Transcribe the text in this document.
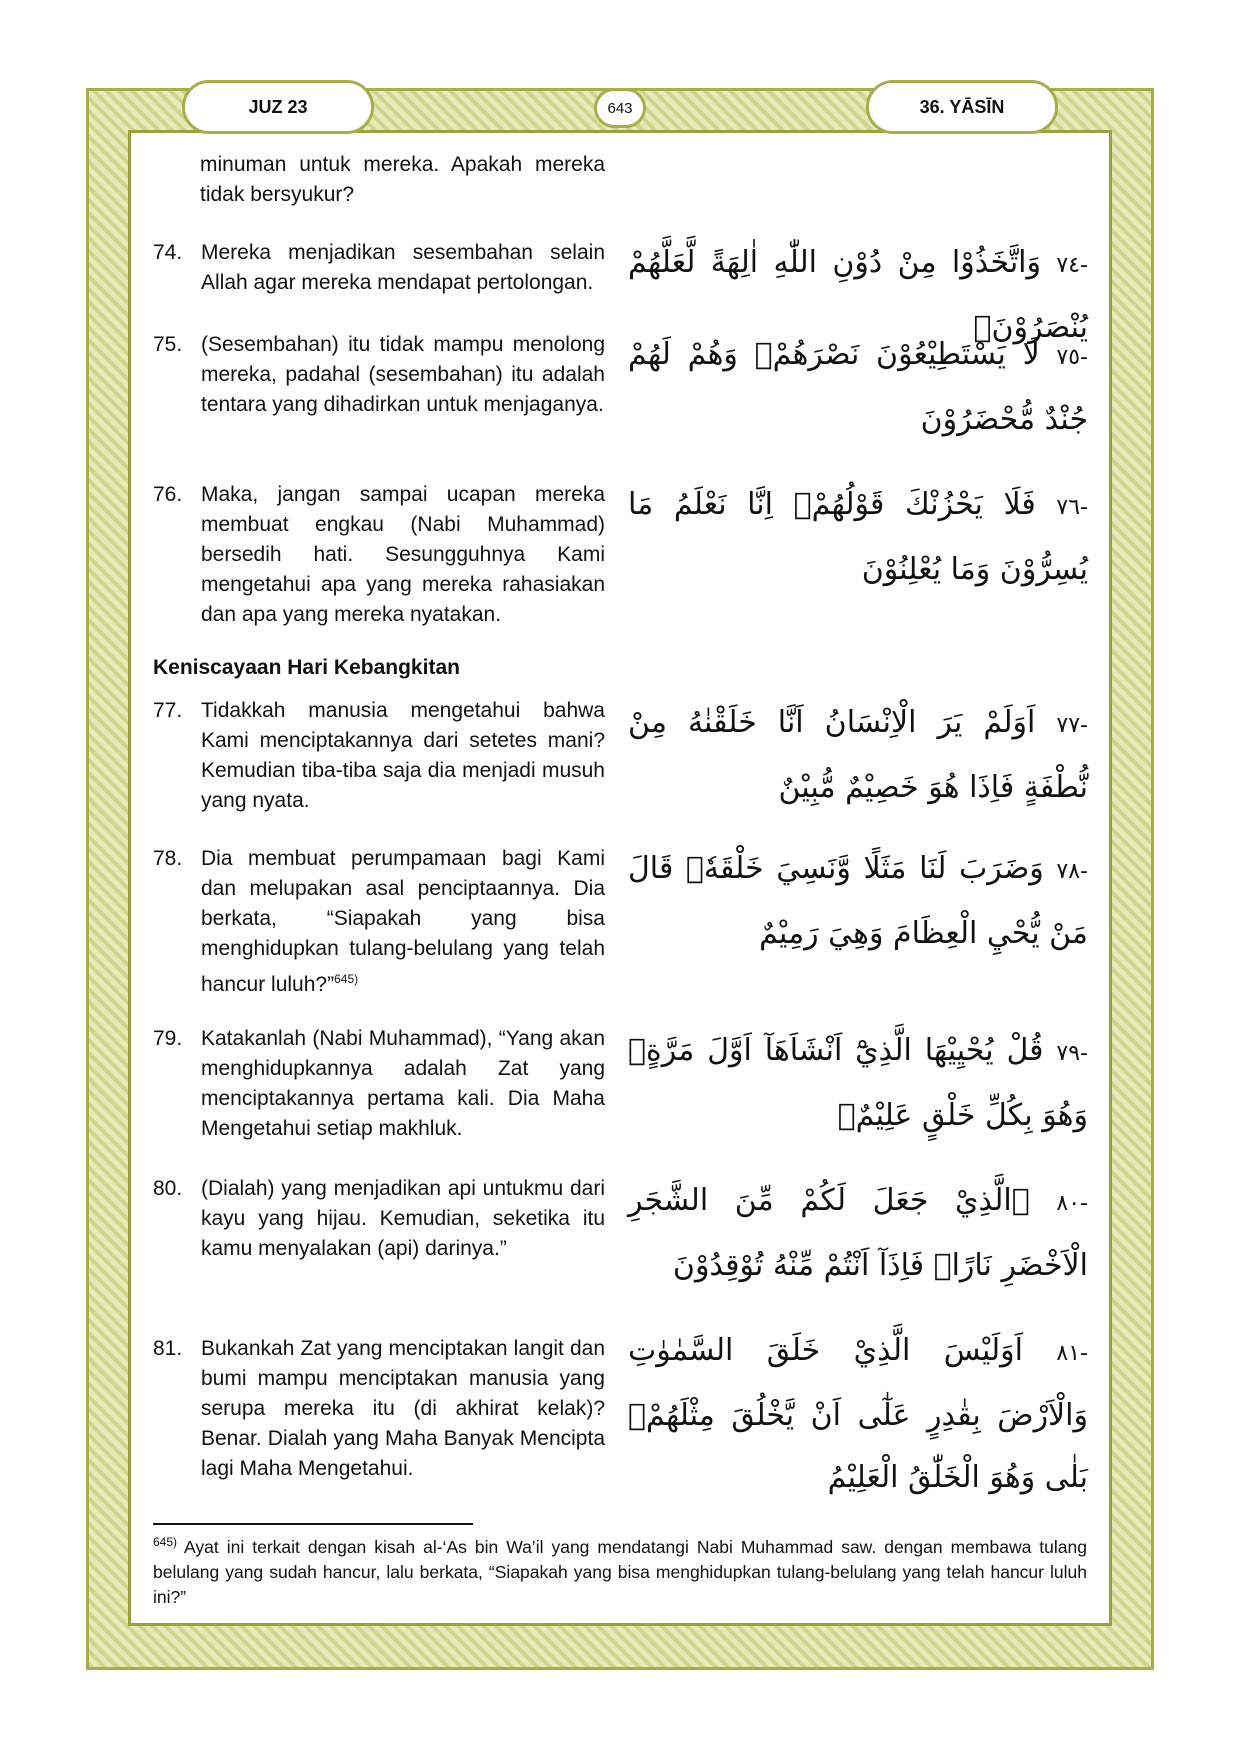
JUZ 23	643	36. YĀSĪN
minuman untuk mereka. Apakah mereka tidak bersyukur?
74. Mereka menjadikan sesembahan selain Allah agar mereka mendapat pertolongan.
-٧٤ وَاتَّخَذُوْا مِنْ دُوْنِ اللّٰهِ اٰلِهَةً لَّعَلَّهُمْ يُنْصَرُوْنَۗ
75. (Sesembahan) itu tidak mampu menolong mereka, padahal (sesembahan) itu adalah tentara yang dihadirkan untuk menjaganya.
-٧٥ لَا يَسْتَطِيْعُوْنَ نَصْرَهُمْۙ وَهُمْ لَهُمْ جُنْدٌ مُّحْضَرُوْنَ
76. Maka, jangan sampai ucapan mereka membuat engkau (Nabi Muhammad) bersedih hati. Sesungguhnya Kami mengetahui apa yang mereka rahasiakan dan apa yang mereka nyatakan.
-٧٦ فَلَا يَحْزُنْكَ قَوْلُهُمْۘ اِنَّا نَعْلَمُ مَا يُسِرُّوْنَ وَمَا يُعْلِنُوْنَ
Keniscayaan Hari Kebangkitan
77. Tidakkah manusia mengetahui bahwa Kami menciptakannya dari setetes mani? Kemudian tiba-tiba saja dia menjadi musuh yang nyata.
-٧٧ اَوَلَمْ يَرَ الْاِنْسَانُ اَنَّا خَلَقْنٰهُ مِنْ نُّطْفَةٍ فَاِذَا هُوَ خَصِيْمٌ مُّبِيْنٌ
78. Dia membuat perumpamaan bagi Kami dan melupakan asal penciptaannya. Dia berkata, “Siapakah yang bisa menghidupkan tulang-belulang yang telah hancur luluh?”$^{645)}$
-٧٨ وَضَرَبَ لَنَا مَثَلًا وَّنَسِيَ خَلْقَهٗۗ قَالَ مَنْ يُّحْيِ الْعِظَامَ وَهِيَ رَمِيْمٌ
79. Katakanlah (Nabi Muhammad), “Yang akan menghidupkannya adalah Zat yang menciptakannya pertama kali. Dia Maha Mengetahui setiap makhluk.
-٧٩ قُلْ يُحْيِيْهَا الَّذِيْٓ اَنْشَاَهَآ اَوَّلَ مَرَّةٍۗ وَهُوَ بِكُلِّ خَلْقٍ عَلِيْمٌۙ
80. (Dialah) yang menjadikan api untukmu dari kayu yang hijau. Kemudian, seketika itu kamu menyalakan (api) darinya.”
-٨٠ ۨالَّذِيْ جَعَلَ لَكُمْ مِّنَ الشَّجَرِ الْاَخْضَرِ نَارًاۙ فَاِذَآ اَنْتُمْ مِّنْهُ تُوْقِدُوْنَ
81. Bukankah Zat yang menciptakan langit dan bumi mampu menciptakan manusia yang serupa mereka itu (di akhirat kelak)? Benar. Dialah yang Maha Banyak Mencipta lagi Maha Mengetahui.
-٨١ اَوَلَيْسَ الَّذِيْ خَلَقَ السَّمٰوٰتِ وَالْاَرْضَ بِقٰدِرٍ عَلٰٓى اَنْ يَّخْلُقَ مِثْلَهُمْۗ بَلٰى وَهُوَ الْخَلّٰقُ الْعَلِيْمُ
$^{645)}$ Ayat ini terkait dengan kisah al-‘As bin Wa’il yang mendatangi Nabi Muhammad saw. dengan membawa tulang belulang yang sudah hancur, lalu berkata, “Siapakah yang bisa menghidupkan tulang-belulang yang telah hancur luluh ini?”
